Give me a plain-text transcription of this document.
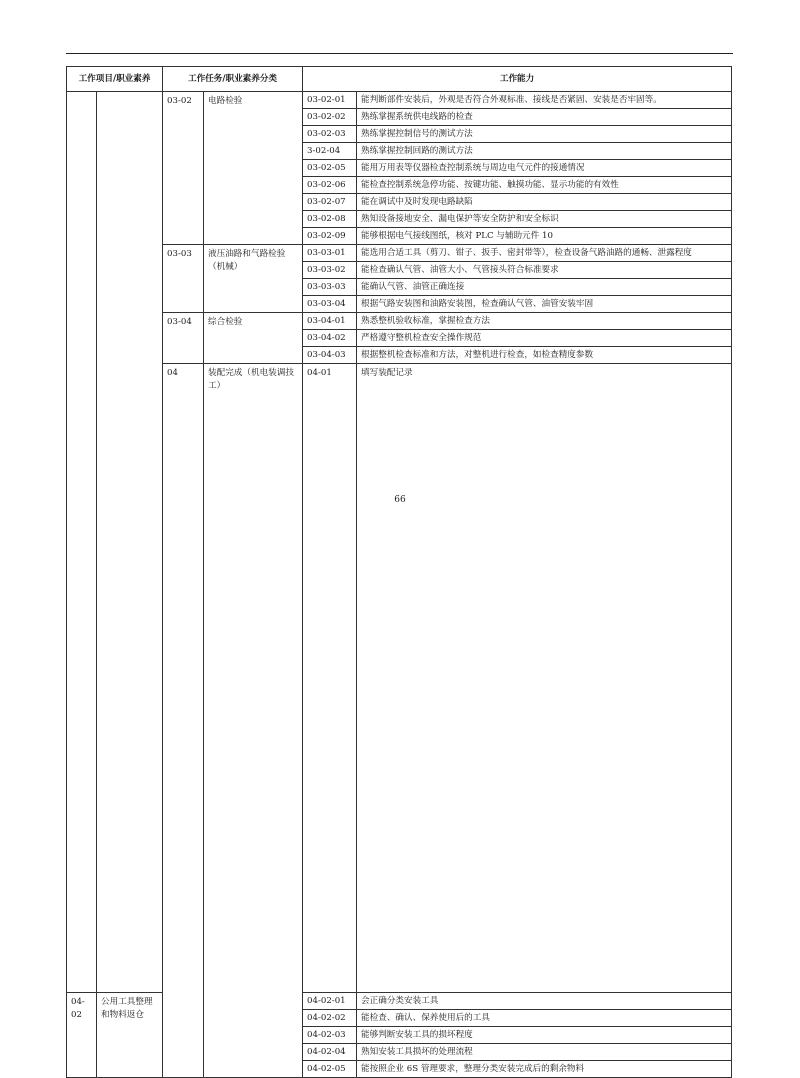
工作项目/职业素养		工作任务/职业素养分类		工作能力		
		03-02	电路检验	03-02-01	能判断部件安装后，外观是否符合外观标准、接线是否紧固、安装是否牢固等。	
				03-02-02	熟练掌握系统供电线路的检查	
				03-02-03	熟练掌握控制信号的测试方法	
				3-02-04	熟练掌握控制回路的测试方法	
				03-02-05	能用万用表等仪器检查控制系统与周边电气元件的接通情况	
				03-02-06	能检查控制系统急停功能、按键功能、触摸功能、显示功能的有效性	
				03-02-07	能在调试中及时发现电路缺陷	
				03-02-08	熟知设备接地安全、漏电保护等安全防护和安全标识	
				03-02-09	能够根据电气接线图纸，核对 PLC 与辅助元件 10	
		03-03	液压油路和气路检验（机械）	03-03-01	能选用合适工具（剪刀、钳子、扳手、密封带等），检查设备气路油路的通畅、泄露程度	
				03-03-02	能检查确认气管、油管大小、气管接头符合标准要求	
				03-03-03	能确认气管、油管正确连接	
				03-03-04	根据气路安装图和油路安装图，检查确认气管、油管安装牢固	
		03-04	综合检验	03-04-01	熟悉整机验收标准，掌握检查方法	
				03-04-02	严格遵守整机检查安全操作规范	
				03-04-03	根据整机检查标准和方法，对整机进行检查，如检查精度参数	
		04	装配完成（机电装调技工）	04-01	填写装配记录		

04-02	公用工具整理和物料返仓			04-02-01	会正确分类安装工具	
				04-02-02	能检查、确认、保养使用后的工具	
				04-02-03	能够判断安装工具的损坏程度	
				04-02-04	熟知安装工具损坏的处理流程	
				04-02-05	能按照企业 6S 管理要求，整理分类安装完成后的剩余物料	
66
